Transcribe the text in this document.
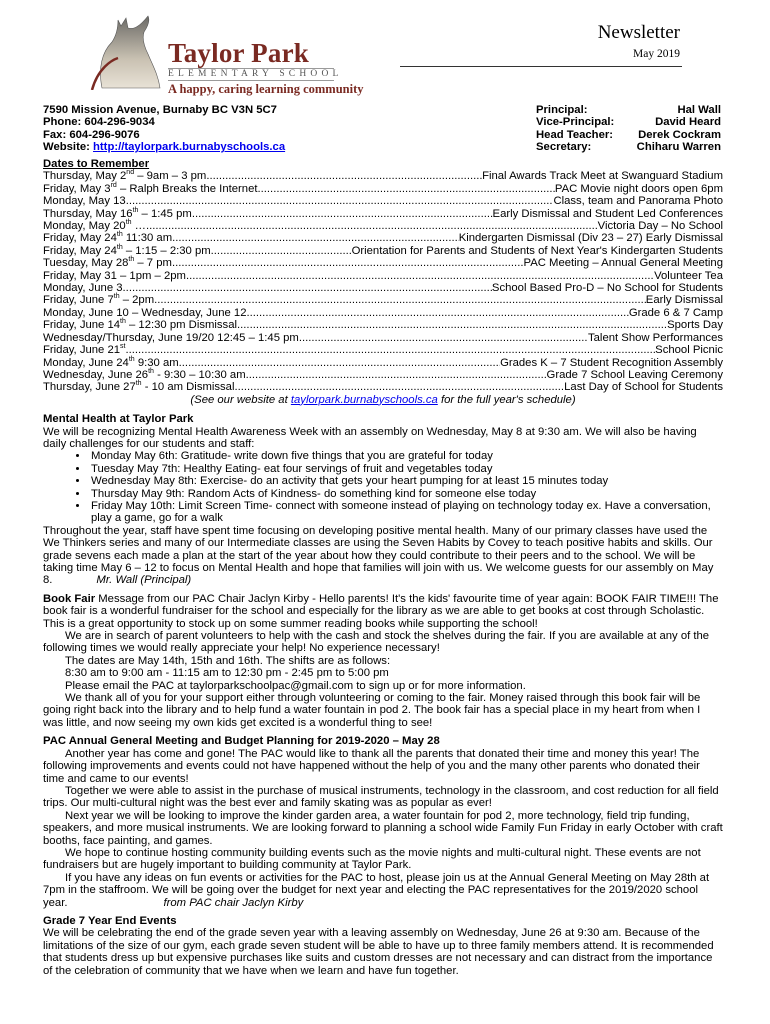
Taylor Park
ELEMENTARY SCHOOL
A happy, caring learning community
Newsletter
May 2019
7590 Mission Avenue, Burnaby BC V3N 5C7
Phone: 604-296-9034
Fax: 604-296-9076
Website: http://taylorpark.burnabyschools.ca
Principal:	Hal Wall
Vice-Principal:	David Heard
Head Teacher: Derek Cockram
Secretary:	Chiharu Warren
Dates to Remember
Thursday, May 2nd – 9am – 3 pm .....	Final Awards Track Meet at Swanguard Stadium
Friday, May 3rd – Ralph Breaks the Internet .....	PAC Movie night doors open 6pm
Monday, May 13 .....	Class, team and Panorama Photo
Thursday, May 16th – 1:45 pm .....	Early Dismissal and Student Led Conferences
Monday, May 20th … .....	Victoria Day – No School
Friday, May 24th 11:30 am .....	Kindergarten Dismissal (Div 23 – 27) Early Dismissal
Friday, May 24th – 1:15 – 2:30 pm .....	Orientation for Parents and Students of Next Year's Kindergarten Students
Tuesday, May 28th – 7 pm .....	PAC Meeting – Annual General Meeting
Friday, May 31 – 1pm – 2pm .....	Volunteer Tea
Monday, June 3 .....	School Based Pro-D – No School for Students
Friday, June 7th – 2pm .....	Early Dismissal
Monday, June 10 – Wednesday, June 12 .....	Grade 6 & 7 Camp
Friday, June 14th – 12:30 pm Dismissal .....	Sports Day
Wednesday/Thursday, June 19/20 12:45 – 1:45 pm .....	Talent Show Performances
Friday, June 21st .....	School Picnic
Monday, June 24th 9:30 am .....	Grades K – 7 Student Recognition Assembly
Wednesday, June 26th - 9:30 – 10:30 am .....	Grade 7 School Leaving Ceremony
Thursday, June 27th - 10 am Dismissal .....	Last Day of School for Students
(See our website at taylorpark.burnabyschools.ca for the full year's schedule)
Mental Health at Taylor Park

We will be recognizing Mental Health Awareness Week with an assembly on Wednesday, May 8 at 9:30 am. We will also be having daily challenges for our students and staff:

• Monday May 6th: Gratitude- write down five things that you are grateful for today
• Tuesday May 7th: Healthy Eating- eat four servings of fruit and vegetables today
• Wednesday May 8th: Exercise- do an activity that gets your heart pumping for at least 15 minutes today
• Thursday May 9th: Random Acts of Kindness- do something kind for someone else today
• Friday May 10th: Limit Screen Time- connect with someone instead of playing on technology today ex. Have a conversation, play a game, go for a walk

Throughout the year, staff have spent time focusing on developing positive mental health. Many of our primary classes have used the We Thinkers series and many of our Intermediate classes are using the Seven Habits by Covey to teach positive habits and skills. Our grade sevens each made a plan at the start of the year about how they could contribute to their peers and to the school. We will be taking time May 6 – 12 to focus on Mental Health and hope that families will join with us. We welcome guests for our assembly on May 8.	Mr. Wall (Principal)

Book Fair Message from our PAC Chair Jaclyn Kirby - Hello parents! It's the kids' favourite time of year again: BOOK FAIR TIME!!! The book fair is a wonderful fundraiser for the school and especially for the library as we are able to get books at cost through Scholastic. This is a great opportunity to stock up on some summer reading books while supporting the school!

We are in search of parent volunteers to help with the cash and stock the shelves during the fair. If you are available at any of the following times we would really appreciate your help! No experience necessary!

The dates are May 14th, 15th and 16th. The shifts are as follows:

8:30 am to 9:00 am - 11:15 am to 12:30 pm - 2:45 pm to 5:00 pm

Please email the PAC at taylorparkschoolpac@gmail.com to sign up or for more information.

We thank all of you for your support either through volunteering or coming to the fair. Money raised through this book fair will be going right back into the library and to help fund a water fountain in pod 2. The book fair has a special place in my heart from when I was little, and now seeing my own kids get excited is a wonderful thing to see!

PAC Annual General Meeting and Budget Planning for 2019-2020 – May 28

Another year has come and gone! The PAC would like to thank all the parents that donated their time and money this year! The following improvements and events could not have happened without the help of you and the many other parents who donated their time and came to our events!

Together we were able to assist in the purchase of musical instruments, technology in the classroom, and cost reduction for all field trips. Our multi-cultural night was the best ever and family skating was as popular as ever!

Next year we will be looking to improve the kinder garden area, a water fountain for pod 2, more technology, field trip funding, speakers, and more musical instruments. We are looking forward to planning a school wide Family Fun Friday in early October with craft booths, face painting, and games.

We hope to continue hosting community building events such as the movie nights and multi-cultural night. These events are not fundraisers but are hugely important to building community at Taylor Park.

If you have any ideas on fun events or activities for the PAC to host, please join us at the Annual General Meeting on May 28th at 7pm in the staffroom. We will be going over the budget for next year and electing the PAC representatives for the 2019/2020 school year.	from PAC chair Jaclyn Kirby

Grade 7 Year End Events

We will be celebrating the end of the grade seven year with a leaving assembly on Wednesday, June 26 at 9:30 am. Because of the limitations of the size of our gym, each grade seven student will be able to have up to three family members attend. It is recommended that students dress up but expensive purchases like suits and custom dresses are not necessary and can distract from the importance of the celebration of community that we have when we learn and have fun together.
